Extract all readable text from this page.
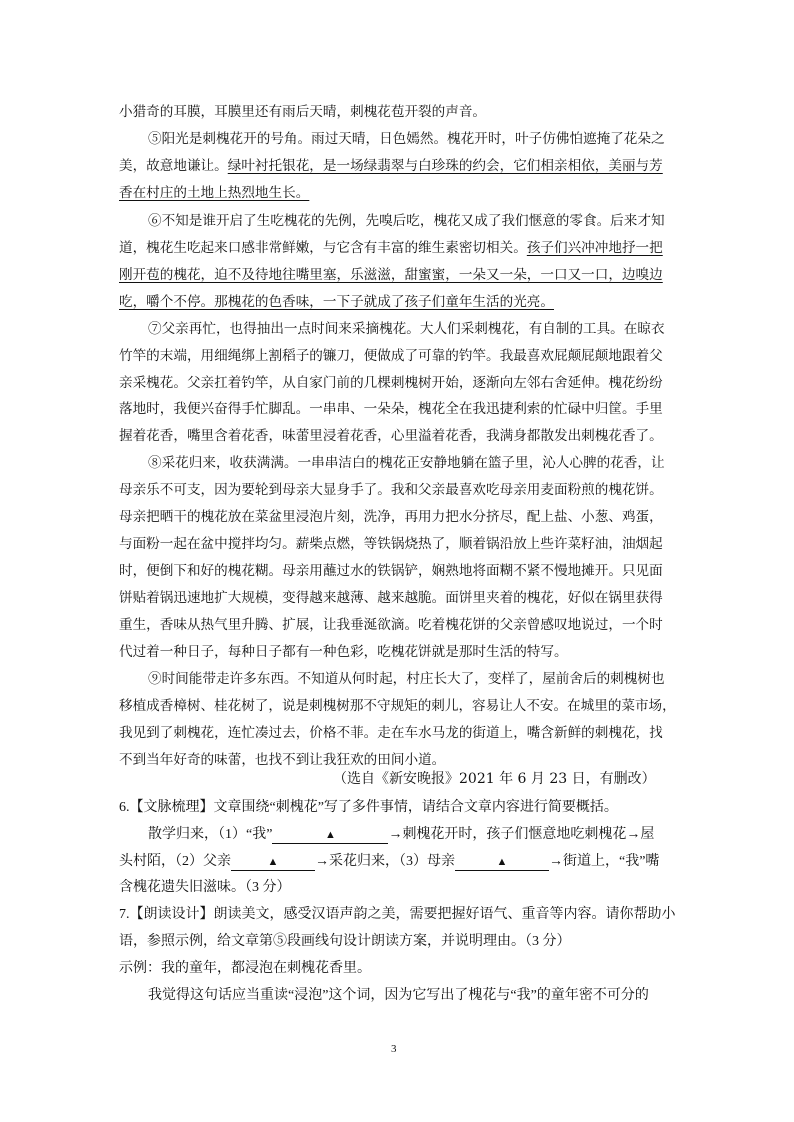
小猎奇的耳膜，耳膜里还有雨后天晴，刺槐花苞开裂的声音。
⑤阳光是刺槐花开的号角。雨过天晴，日色嫣然。槐花开时，叶子仿佛怕遮掩了花朵之
美，故意地谦让。绿叶衬托银花，是一场绿翡翠与白珍珠的约会，它们相亲相依，美丽与芳
香在村庄的土地上热烈地生长。
⑥不知是谁开启了生吃槐花的先例，先嗅后吃，槐花又成了我们惬意的零食。后来才知
道，槐花生吃起来口感非常鲜嫩，与它含有丰富的维生素密切相关。孩子们兴冲冲地抒一把
刚开苞的槐花，迫不及待地往嘴里塞，乐滋滋，甜蜜蜜，一朵又一朵，一口又一口，边嗅边
吃，嚼个不停。那槐花的色香味，一下子就成了孩子们童年生活的光亮。
⑦父亲再忙，也得抽出一点时间来采摘槐花。大人们采刺槐花，有自制的工具。在晾衣
竹竿的末端，用细绳绑上割稻子的镰刀，便做成了可靠的钓竿。我最喜欢屁颠屁颠地跟着父
亲采槐花。父亲扛着钓竿，从自家门前的几棵刺槐树开始，逐渐向左邻右舍延伸。槐花纷纷
落地时，我便兴奋得手忙脚乱。一串串、一朵朵，槐花全在我迅捷利索的忙碌中归筐。手里
握着花香，嘴里含着花香，味蕾里浸着花香，心里溢着花香，我满身都散发出刺槐花香了。
⑧采花归来，收获满满。一串串洁白的槐花正安静地躺在篮子里，沁人心脾的花香，让
母亲乐不可支，因为要轮到母亲大显身手了。我和父亲最喜欢吃母亲用麦面粉煎的槐花饼。
母亲把晒干的槐花放在菜盆里浸泡片刻，洗净，再用力把水分挤尽，配上盐、小葱、鸡蛋，
与面粉一起在盆中搅拌均匀。薪柴点燃，等铁锅烧热了，顺着锅沿放上些许菜籽油，油烟起
时，便倒下和好的槐花糊。母亲用蘸过水的铁锅铲，娴熟地将面糊不紧不慢地摊开。只见面
饼贴着锅迅速地扩大规模，变得越来越薄、越来越脆。面饼里夹着的槐花，好似在锅里获得
重生，香味从热气里升腾、扩展，让我垂涎欲滴。吃着槐花饼的父亲曾感叹地说过，一个时
代过着一种日子，每种日子都有一种色彩，吃槐花饼就是那时生活的特写。
⑨时间能带走许多东西。不知道从何时起，村庄长大了，变样了，屋前舍后的刺槐树也
移植成香樟树、桂花树了，说是刺槐树那不守规矩的刺儿，容易让人不安。在城里的菜市场，
我见到了刺槐花，连忙凑过去，价格不菲。走在车水马龙的街道上，嘴含新鲜的刺槐花，找
不到当年好奇的味蕾，也找不到让我狂欢的田间小道。
（选自《新安晚报》2021 年 6 月 23 日，有删改）
6.【文脉梳理】文章围绕“刺槐花”写了多件事情，请结合文章内容进行简要概括。
散学归来，（1）“我”	▲	→刺槐花开时，孩子们惬意地吃刺槐花→屋
头村陌，（2）父亲	▲	→采花归来，（3）母亲	▲	→街道上，“我”嘴
含槐花遗失旧滋味。（3 分）
7.【朗读设计】朗读美文，感受汉语声韵之美，需要把握好语气、重音等内容。请你帮助小
语，参照示例，给文章第⑤段画线句设计朗读方案，并说明理由。（3 分）
示例：我的童年，都浸泡在刺槐花香里。
我觉得这句话应当重读“浸泡”这个词，因为它写出了槐花与“我”的童年密不可分的
3
